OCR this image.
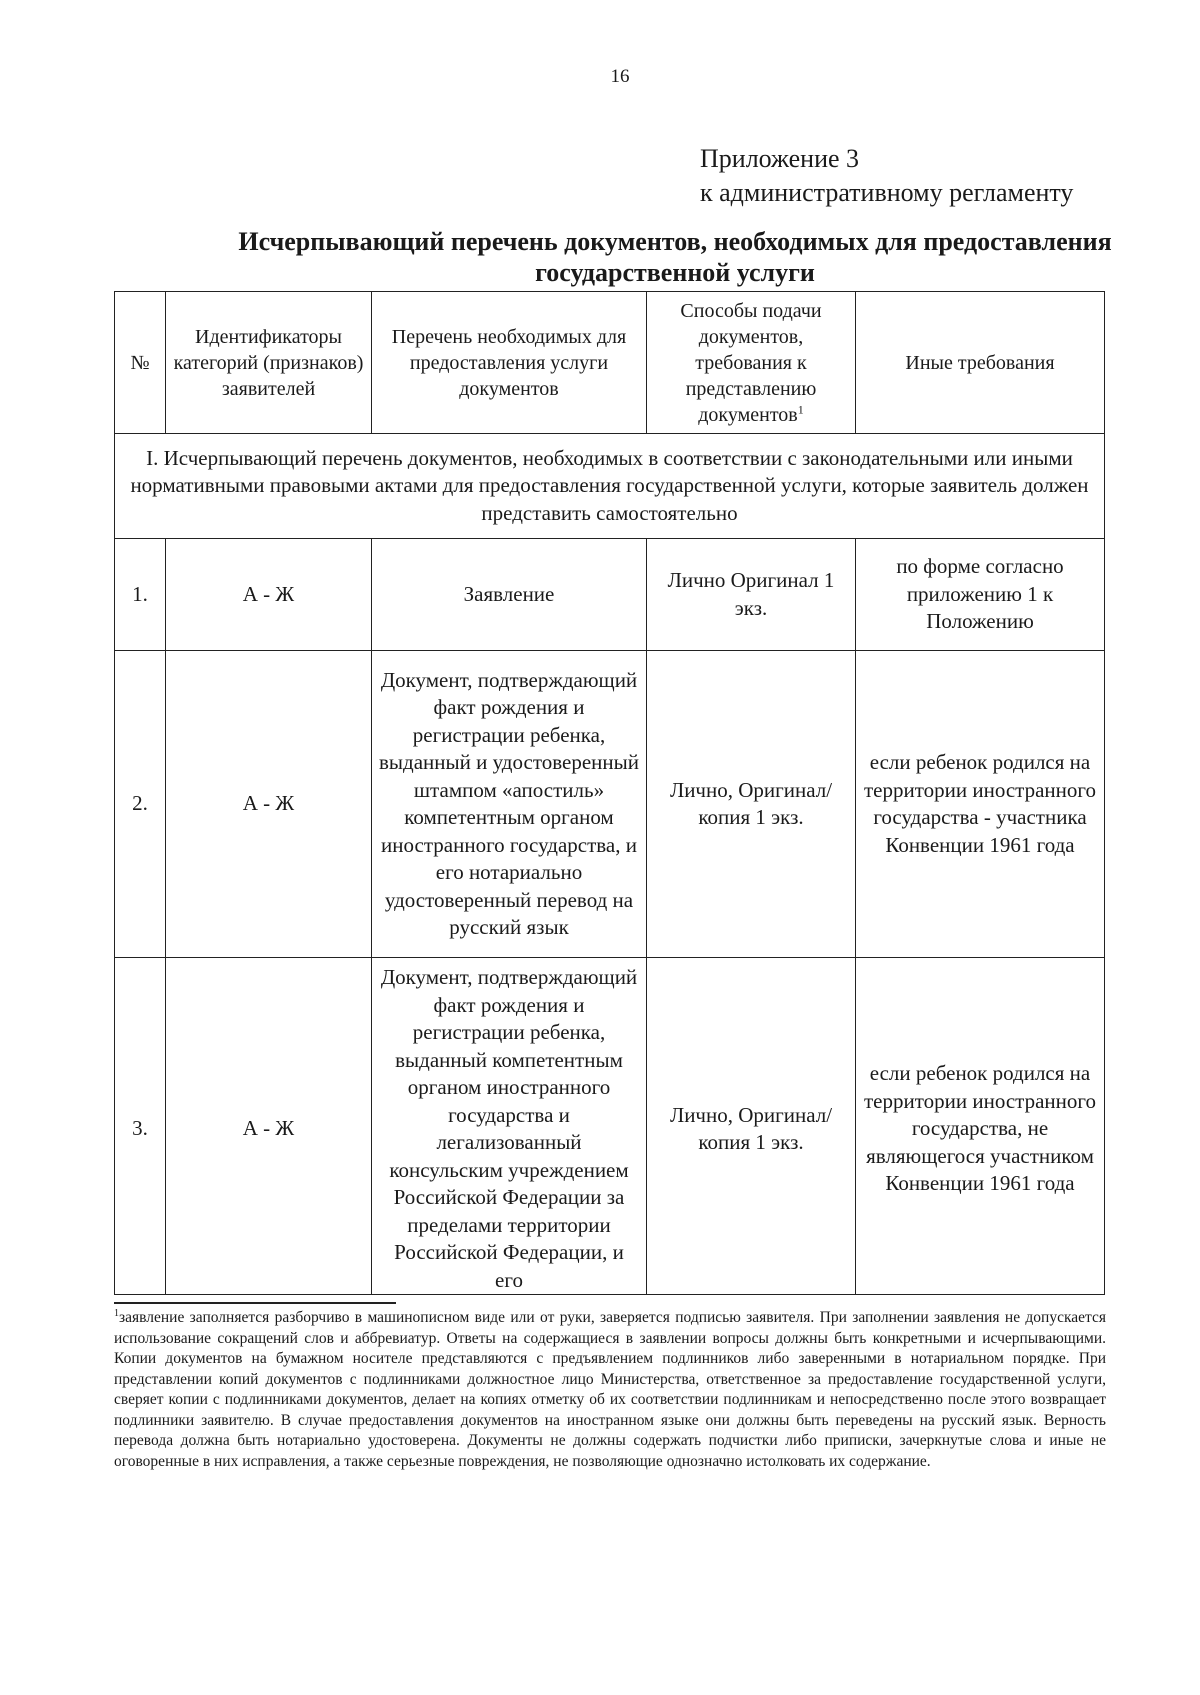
16
Приложение 3
к административному регламенту
Исчерпывающий перечень документов, необходимых для предоставления
государственной услуги
№	Идентификаторы категорий (признаков) заявителей	Перечень необходимых для предоставления услуги документов	Способы подачи документов, требования к представлению документов$^1$	Иные требования
I. Исчерпывающий перечень документов, необходимых в соответствии с законодательными или иными нормативными правовыми актами для предоставления государственной услуги, которые заявитель должен представить самостоятельно				
1.	А - Ж	Заявление	Лично Оригинал 1 экз.	по форме согласно приложению 1 к Положению
2.	А - Ж	Документ, подтверждающий факт рождения и регистрации ребенка, выданный и удостоверенный штампом «апостиль» компетентным органом иностранного государства, и его нотариально удостоверенный перевод на русский язык	Лично, Оригинал/копия 1 экз.	если ребенок родился на территории иностранного государства - участника Конвенции 1961 года
3.	А - Ж	Документ, подтверждающий факт рождения и регистрации ребенка, выданный компетентным органом иностранного государства и легализованный консульским учреждением Российской Федерации за пределами территории Российской Федерации, и его	Лично, Оригинал/копия 1 экз.	если ребенок родился на территории иностранного государства, не являющегося участником Конвенции 1961 года
$^1$заявление заполняется разборчиво в машинописном виде или от руки, заверяется подписью заявителя. При заполнении заявления не допускается использование сокращений слов и аббревиатур. Ответы на содержащиеся в заявлении вопросы должны быть конкретными и исчерпывающими. Копии документов на бумажном носителе представляются с предъявлением подлинников либо заверенными в нотариальном порядке. При представлении копий документов с подлинниками должностное лицо Министерства, ответственное за предоставление государственной услуги, сверяет копии с подлинниками документов, делает на копиях отметку об их соответствии подлинникам и непосредственно после этого возвращает подлинники заявителю. В случае предоставления документов на иностранном языке они должны быть переведены на русский язык. Верность перевода должна быть нотариально удостоверена. Документы не должны содержать подчистки либо приписки, зачеркнутые слова и иные не оговоренные в них исправления, а также серьезные повреждения, не позволяющие однозначно истолковать их содержание.
